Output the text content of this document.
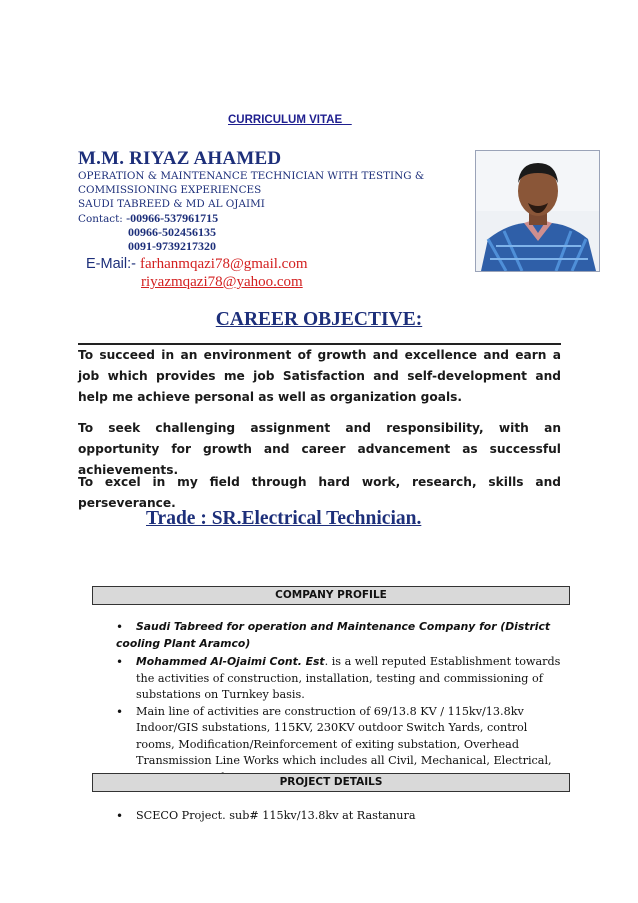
CURRICULUM VITAE
M.M. RIYAZ AHAMED
OPERATION & MAINTENANCE TECHNICIAN WITH TESTING &
COMMISSIONING EXPERIENCES
SAUDI TABREED & MD AL OJAIMI
Contact: -00966-537961715
00966-502456135
0091-9739217320
E-Mail:- farhanmqazi78@gmail.com
riyazmqazi78@yahoo.com
CAREER OBJECTIVE:
To succeed in an environment of growth and excellence and earn a job which provides me job Satisfaction and self-development and help me achieve personal as well as organization goals.
To seek challenging assignment and responsibility, with an opportunity for growth and career advancement as successful achievements.
To excel in my field through hard work, research, skills and perseverance.
Trade : SR.Electrical Technician.
COMPANY PROFILE
• Saudi Tabreed for operation and Maintenance Company for (District
cooling Plant Aramco)
• Mohammed Al-Ojaimi Cont. Est. is a well reputed Establishment towards the activities of construction, installation, testing and commissioning of substations on Turnkey basis.
• Main line of activities are construction of 69/13.8 KV / 115kv/13.8kv Indoor/GIS substations, 115KV, 230KV outdoor Switch Yards, control rooms, Modification/Reinforcement of exiting substation, Overhead Transmission Line Works which includes all Civil, Mechanical, Electrical,
PROJECT DETAILS
• SCECO Project. sub# 115kv/13.8kv at Rastanura
